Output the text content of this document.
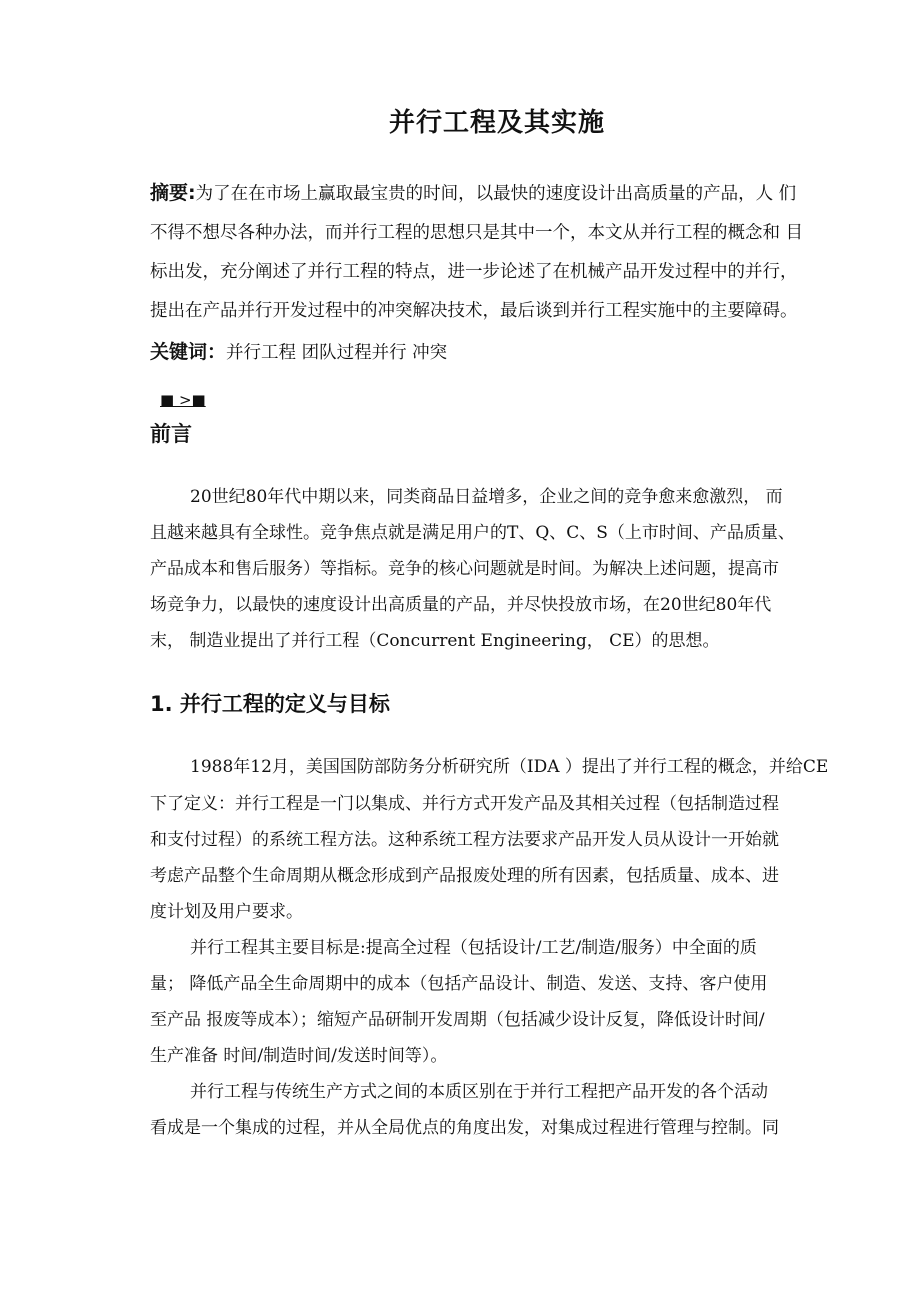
并行工程及其实施
摘要:为了在在市场上赢取最宝贵的时间，以最快的速度设计出高质量的产品，人 们
不得不想尽各种办法，而并行工程的思想只是其中一个，本文从并行工程的概念和 目
标出发，充分阐述了并行工程的特点，进一步论述了在机械产品开发过程中的并行，
提出在产品并行开发过程中的冲突解决技术，最后谈到并行工程实施中的主要障碍。
关键词：并行工程 团队过程并行 冲突
■ >■
前言
20世纪80年代中期以来，同类商品日益增多，企业之间的竞争愈来愈激烈， 而
且越来越具有全球性。竞争焦点就是满足用户的T、Q、C、S（上市时间、产品质量、
产品成本和售后服务）等指标。竞争的核心问题就是时间。为解决上述问题，提高市
场竞争力，以最快的速度设计出高质量的产品，并尽快投放市场，在20世纪80年代
末， 制造业提出了并行工程（Concurrent Engineering， CE）的思想。
1. 并行工程的定义与目标
1988年12月，美国国防部防务分析研究所（IDA ）提出了并行工程的概念，并给CE
下了定义：并行工程是一门以集成、并行方式开发产品及其相关过程（包括制造过程
和支付过程）的系统工程方法。这种系统工程方法要求产品开发人员从设计一开始就
考虑产品整个生命周期从概念形成到产品报废处理的所有因素，包括质量、成本、进
度计划及用户要求。
并行工程其主要目标是:提高全过程（包括设计/工艺/制造/服务）中全面的质
量； 降低产品全生命周期中的成本（包括产品设计、制造、发送、支持、客户使用
至产品 报废等成本）；缩短产品研制开发周期（包括减少设计反复，降低设计时间/
生产准备 时间/制造时间/发送时间等）。
并行工程与传统生产方式之间的本质区别在于并行工程把产品开发的各个活动
看成是一个集成的过程，并从全局优点的角度出发，对集成过程进行管理与控制。同
